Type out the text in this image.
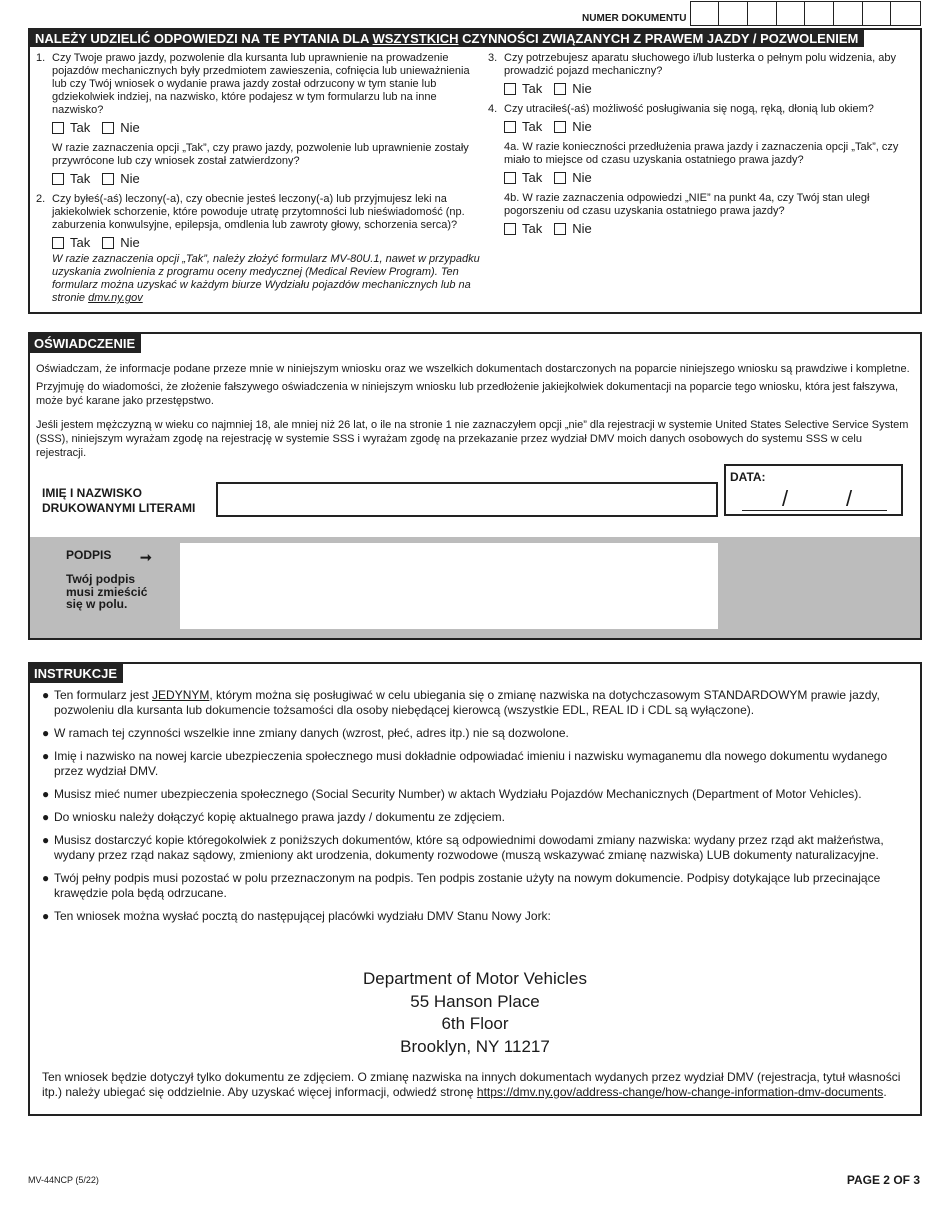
NUMER DOKUMENTU
NALEŻY UDZIELIĆ ODPOWIEDZI NA TE PYTANIA DLA WSZYSTKICH CZYNNOŚCI ZWIĄZANYCH Z PRAWEM JAZDY / POZWOLENIEM
1. Czy Twoje prawo jazdy, pozwolenie dla kursanta lub uprawnienie na prowadzenie pojazdów mechanicznych były przedmiotem zawieszenia, cofnięcia lub unieważnienia lub czy Twój wniosek o wydanie prawa jazdy został odrzucony w tym stanie lub gdziekolwiek indziej, na nazwisko, które podajesz w tym formularzu lub na inne nazwisko?
Tak Nie
W razie zaznaczenia opcji „Tak”, czy prawo jazdy, pozwolenie lub uprawnienie zostały przywrócone lub czy wniosek został zatwierdzony?
Tak Nie
2. Czy byłeś(-aś) leczony(-a), czy obecnie jesteś leczony(-a) lub przyjmujesz leki na jakiekolwiek schorzenie, które powoduje utratę przytomności lub nieświadomość (np. zaburzenia konwulsyjne, epilepsja, omdlenia lub zawroty głowy, schorzenia serca)?
Tak Nie
W razie zaznaczenia opcji „Tak”, należy złożyć formularz MV-80U.1, nawet w przypadku uzyskania zwolnienia z programu oceny medycznej (Medical Review Program). Ten formularz można uzyskać w każdym biurze Wydziału pojazdów mechanicznych lub na stronie dmv.ny.gov
3. Czy potrzebujesz aparatu słuchowego i/lub lusterka o pełnym polu widzenia, aby prowadzić pojazd mechaniczny?
Tak Nie
4. Czy utraciłeś(-aś) możliwość posługiwania się nogą, ręką, dłonią lub okiem?
Tak Nie
4a. W razie konieczności przedłużenia prawa jazdy i zaznaczenia opcji „Tak”, czy miało to miejsce od czasu uzyskania ostatniego prawa jazdy?
Tak Nie
4b. W razie zaznaczenia odpowiedzi „NIE” na punkt 4a, czy Twój stan uległ pogorszeniu od czasu uzyskania ostatniego prawa jazdy?
Tak Nie
OŚWIADCZENIE
Oświadczam, że informacje podane przeze mnie w niniejszym wniosku oraz we wszelkich dokumentach dostarczonych na poparcie niniejszego wniosku są prawdziwe i kompletne.
Przyjmuję do wiadomości, że złożenie fałszywego oświadczenia w niniejszym wniosku lub przedłożenie jakiejkolwiek dokumentacji na poparcie tego wniosku, która jest fałszywa, może być karane jako przestępstwo.
Jeśli jestem mężczyzną w wieku co najmniej 18, ale mniej niż 26 lat, o ile na stronie 1 nie zaznaczyłem opcji „nie” dla rejestracji w systemie United States Selective Service System (SSS), niniejszym wyrażam zgodę na rejestrację w systemie SSS i wyrażam zgodę na przekazanie przez wydział DMV moich danych osobowych do systemu SSS w celu rejestracji.
IMIĘ I NAZWISKO
DRUKOWANYMI LITERAMI
DATA:
/	/
PODPIS ➞
Twój podpis
musi zmieścić
się w polu.
INSTRUKCJE
● Ten formularz jest JEDYNYM, którym można się posługiwać w celu ubiegania się o zmianę nazwiska na dotychczasowym STANDARDOWYM prawie jazdy, pozwoleniu dla kursanta lub dokumencie tożsamości dla osoby niebędącej kierowcą (wszystkie EDL, REAL ID i CDL są wyłączone).
● W ramach tej czynności wszelkie inne zmiany danych (wzrost, płeć, adres itp.) nie są dozwolone.
● Imię i nazwisko na nowej karcie ubezpieczenia społecznego musi dokładnie odpowiadać imieniu i nazwisku wymaganemu dla nowego dokumentu wydanego przez wydział DMV.
● Musisz mieć numer ubezpieczenia społecznego (Social Security Number) w aktach Wydziału Pojazdów Mechanicznych (Department of Motor Vehicles).
● Do wniosku należy dołączyć kopię aktualnego prawa jazdy / dokumentu ze zdjęciem.
● Musisz dostarczyć kopie któregokolwiek z poniższych dokumentów, które są odpowiednimi dowodami zmiany nazwiska: wydany przez rząd akt małżeństwa, wydany przez rząd nakaz sądowy, zmieniony akt urodzenia, dokumenty rozwodowe (muszą wskazywać zmianę nazwiska) LUB dokumenty naturalizacyjne.
● Twój pełny podpis musi pozostać w polu przeznaczonym na podpis. Ten podpis zostanie użyty na nowym dokumencie. Podpisy dotykające lub przecinające krawędzie pola będą odrzucane.
● Ten wniosek można wysłać pocztą do następującej placówki wydziału DMV Stanu Nowy Jork:
Department of Motor Vehicles
55 Hanson Place
6th Floor
Brooklyn, NY 11217
Ten wniosek będzie dotyczył tylko dokumentu ze zdjęciem. O zmianę nazwiska na innych dokumentach wydanych przez wydział DMV (rejestracja, tytuł własności itp.) należy ubiegać się oddzielnie. Aby uzyskać więcej informacji, odwiedź stronę https://dmv.ny.gov/address-change/how-change-information-dmv-documents.
MV-44NCP (5/22)	PAGE 2 OF 3
